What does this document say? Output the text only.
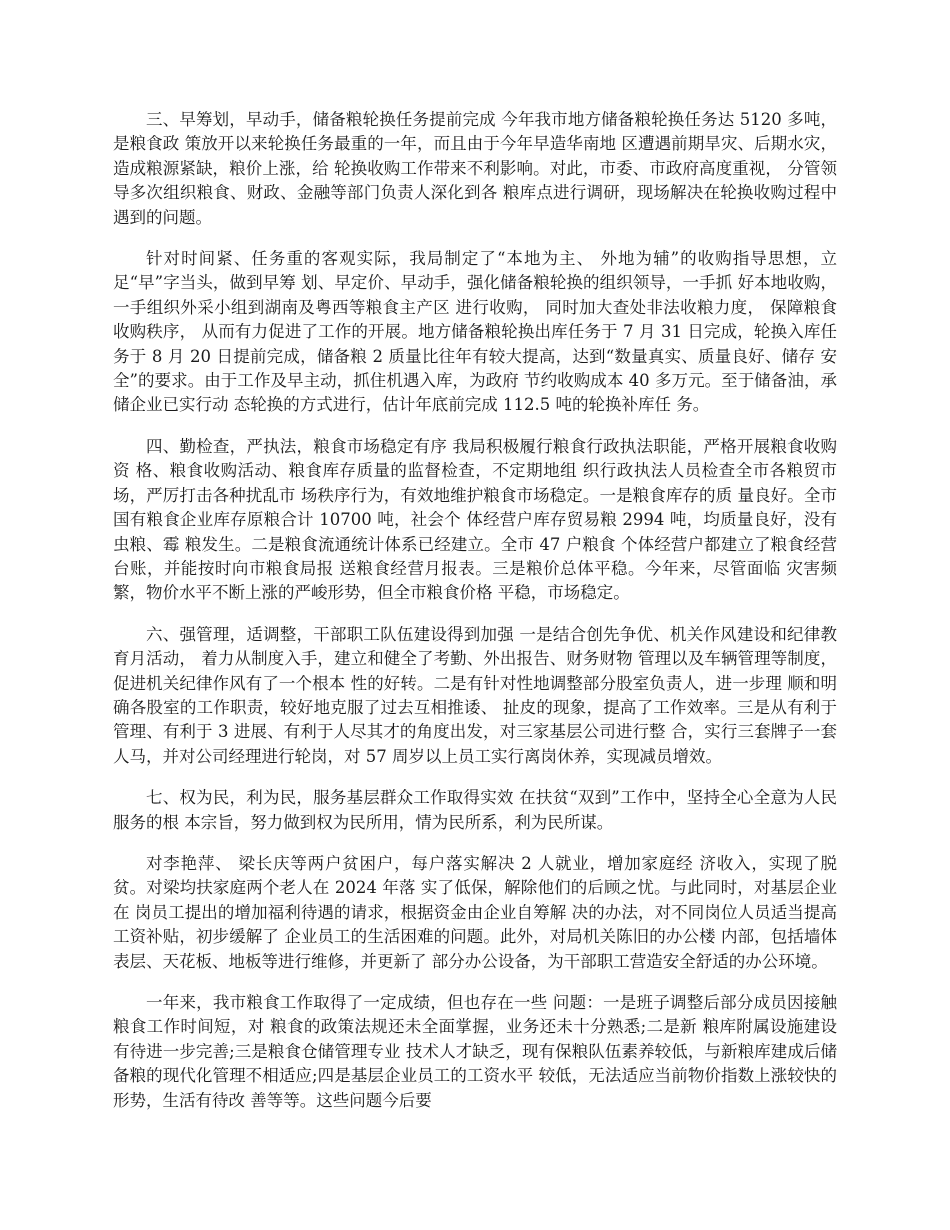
三、早筹划，早动手，储备粮轮换任务提前完成 今年我市地方储备粮轮换任务达 5120 多吨，是粮食政 策放开以来轮换任务最重的一年，而且由于今年早造华南地 区遭遇前期旱灾、后期水灾，造成粮源紧缺，粮价上涨，给 轮换收购工作带来不利影响。对此，市委、市政府高度重视， 分管领导多次组织粮食、财政、金融等部门负责人深化到各 粮库点进行调研，现场解决在轮换收购过程中遇到的问题。

针对时间紧、任务重的客观实际，我局制定了“本地为主、 外地为辅”的收购指导思想，立足“早”字当头，做到早筹 划、早定价、早动手，强化储备粮轮换的组织领导，一手抓 好本地收购，一手组织外采小组到湖南及粤西等粮食主产区 进行收购， 同时加大查处非法收粮力度， 保障粮食收购秩序， 从而有力促进了工作的开展。地方储备粮轮换出库任务于 7 月 31 日完成，轮换入库任务于 8 月 20 日提前完成，储备粮 2 质量比往年有较大提高，达到“数量真实、质量良好、储存 安全”的要求。由于工作及早主动，抓住机遇入库，为政府 节约收购成本 40 多万元。至于储备油，承储企业已实行动 态轮换的方式进行，估计年底前完成 112.5 吨的轮换补库任 务。

四、勤检查，严执法，粮食市场稳定有序 我局积极履行粮食行政执法职能，严格开展粮食收购资 格、粮食收购活动、粮食库存质量的监督检查，不定期地组 织行政执法人员检查全市各粮贸市场，严厉打击各种扰乱市 场秩序行为，有效地维护粮食市场稳定。一是粮食库存的质 量良好。全市国有粮食企业库存原粮合计 10700 吨，社会个 体经营户库存贸易粮 2994 吨，均质量良好，没有虫粮、霉 粮发生。二是粮食流通统计体系已经建立。全市 47 户粮食 个体经营户都建立了粮食经营台账，并能按时向市粮食局报 送粮食经营月报表。三是粮价总体平稳。今年来，尽管面临 灾害频繁，物价水平不断上涨的严峻形势，但全市粮食价格 平稳，市场稳定。

六、强管理，适调整，干部职工队伍建设得到加强 一是结合创先争优、机关作风建设和纪律教育月活动， 着力从制度入手，建立和健全了考勤、外出报告、财务财物 管理以及车辆管理等制度，促进机关纪律作风有了一个根本 性的好转。二是有针对性地调整部分股室负责人，进一步理 顺和明确各股室的工作职责，较好地克服了过去互相推诿、 扯皮的现象，提高了工作效率。三是从有利于管理、有利于 3 进展、有利于人尽其才的角度出发，对三家基层公司进行整 合，实行三套牌子一套人马，并对公司经理进行轮岗，对 57 周岁以上员工实行离岗休养，实现减员增效。

七、权为民，利为民，服务基层群众工作取得实效 在扶贫“双到”工作中，坚持全心全意为人民服务的根 本宗旨，努力做到权为民所用，情为民所系，利为民所谋。

对李艳萍、 梁长庆等两户贫困户，每户落实解决 2 人就业，增加家庭经 济收入，实现了脱贫。对梁均扶家庭两个老人在 2024 年落 实了低保，解除他们的后顾之忧。与此同时，对基层企业在 岗员工提出的增加福利待遇的请求，根据资金由企业自筹解 决的办法，对不同岗位人员适当提高工资补贴，初步缓解了 企业员工的生活困难的问题。此外，对局机关陈旧的办公楼 内部，包括墙体表层、天花板、地板等进行维修，并更新了 部分办公设备，为干部职工营造安全舒适的办公环境。

一年来，我市粮食工作取得了一定成绩，但也存在一些 问题：一是班子调整后部分成员因接触粮食工作时间短，对 粮食的政策法规还未全面掌握，业务还未十分熟悉;二是新 粮库附属设施建设有待进一步完善;三是粮食仓储管理专业 技术人才缺乏，现有保粮队伍素养较低，与新粮库建成后储 备粮的现代化管理不相适应;四是基层企业员工的工资水平 较低，无法适应当前物价指数上涨较快的形势，生活有待改 善等等。这些问题今后要
